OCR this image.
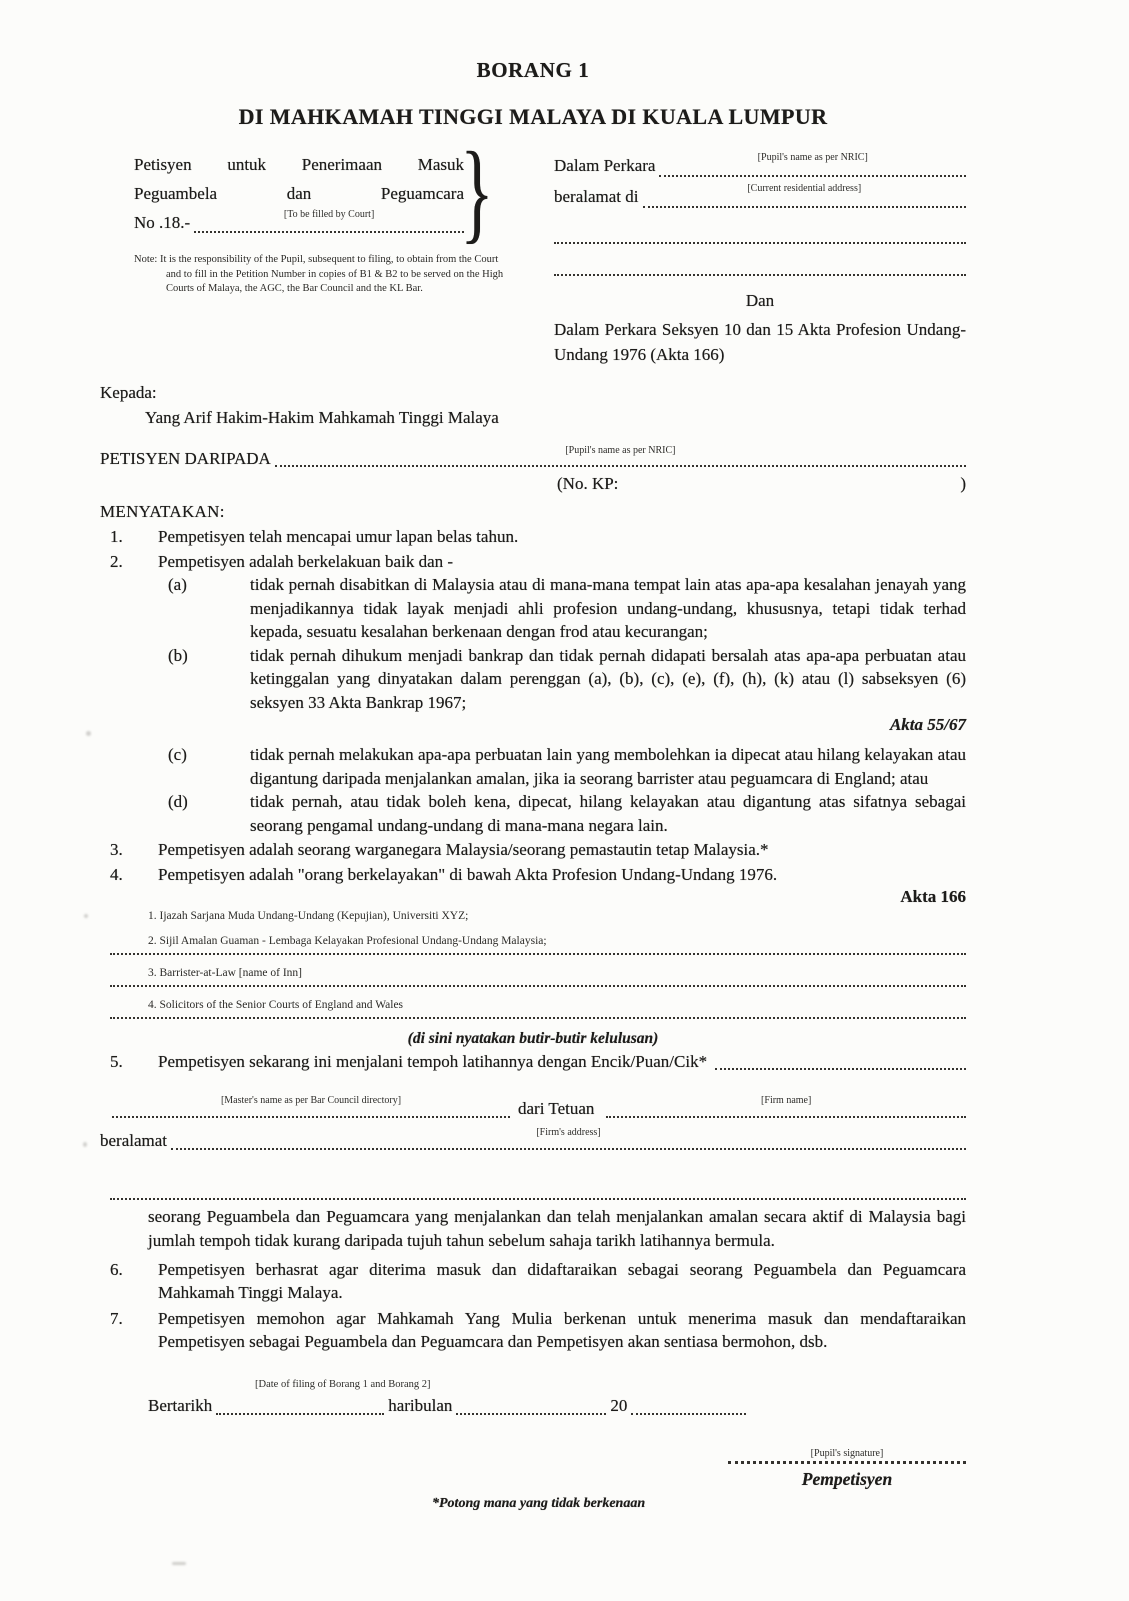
BORANG 1
DI MAHKAMAH TINGGI MALAYA DI KUALA LUMPUR
Petisyen untuk Penerimaan Masuk
Peguambela dan Peguamcara
No .18.-	[To be filled by Court] }
Note: It is the responsibility of the Pupil, subsequent to filing, to obtain from the Court and to fill in the Petition Number in copies of B1 & B2 to be served on the High Courts of Malaya, the AGC, the Bar Council and the KL Bar.
Dalam Perkara	[Pupil's name as per NRIC]
beralamat di	[Current residential address]
Dan
Dalam Perkara Seksyen 10 dan 15 Akta Profesion Undang-Undang 1976 (Akta 166)
Kepada:
Yang Arif Hakim-Hakim Mahkamah Tinggi Malaya
PETISYEN DARIPADA	[Pupil's name as per NRIC]
(No. KP:	)
MENYATAKAN:
1.	Pempetisyen telah mencapai umur lapan belas tahun.
2.	Pempetisyen adalah berkelakuan baik dan -
(a)	tidak pernah disabitkan di Malaysia atau di mana-mana tempat lain atas apa-apa kesalahan jenayah yang menjadikannya tidak layak menjadi ahli profesion undang-undang, khususnya, tetapi tidak terhad kepada, sesuatu kesalahan berkenaan dengan frod atau kecurangan;
(b)	tidak pernah dihukum menjadi bankrap dan tidak pernah didapati bersalah atas apa-apa perbuatan atau ketinggalan yang dinyatakan dalam perenggan (a), (b), (c), (e), (f), (h), (k) atau (l) sabseksyen (6) seksyen 33 Akta Bankrap 1967;
Akta 55/67
(c)	tidak pernah melakukan apa-apa perbuatan lain yang membolehkan ia dipecat atau hilang kelayakan atau digantung daripada menjalankan amalan, jika ia seorang barrister atau peguamcara di England; atau
(d)	tidak pernah, atau tidak boleh kena, dipecat, hilang kelayakan atau digantung atas sifatnya sebagai seorang pengamal undang-undang di mana-mana negara lain.
3.	Pempetisyen adalah seorang warganegara Malaysia/seorang pemastautin tetap Malaysia.*
4.	Pempetisyen adalah "orang berkelayakan" di bawah Akta Profesion Undang-Undang 1976.
Akta 166
1. Ijazah Sarjana Muda Undang-Undang (Kepujian), Universiti XYZ;
2. Sijil Amalan Guaman - Lembaga Kelayakan Profesional Undang-Undang Malaysia;
3. Barrister-at-Law [name of Inn]
4. Solicitors of the Senior Courts of England and Wales
(di sini nyatakan butir-butir kelulusan)
5.	Pempetisyen sekarang ini menjalani tempoh latihannya dengan Encik/Puan/Cik*
[Master's name as per Bar Council directory]	dari Tetuan	[Firm name]
beralamat	[Firm's address]
seorang Peguambela dan Peguamcara yang menjalankan dan telah menjalankan amalan secara aktif di Malaysia bagi jumlah tempoh tidak kurang daripada tujuh tahun sebelum sahaja tarikh latihannya bermula.
6.	Pempetisyen berhasrat agar diterima masuk dan didaftaraikan sebagai seorang Peguambela dan Peguamcara Mahkamah Tinggi Malaya.
7.	Pempetisyen memohon agar Mahkamah Yang Mulia berkenan untuk menerima masuk dan mendaftaraikan Pempetisyen sebagai Peguambela dan Peguamcara dan Pempetisyen akan sentiasa bermohon, dsb.
[Date of filing of Borang 1 and Borang 2]
Bertarikh	haribulan	20
[Pupil's signature]
Pempetisyen
*Potong mana yang tidak berkenaan
